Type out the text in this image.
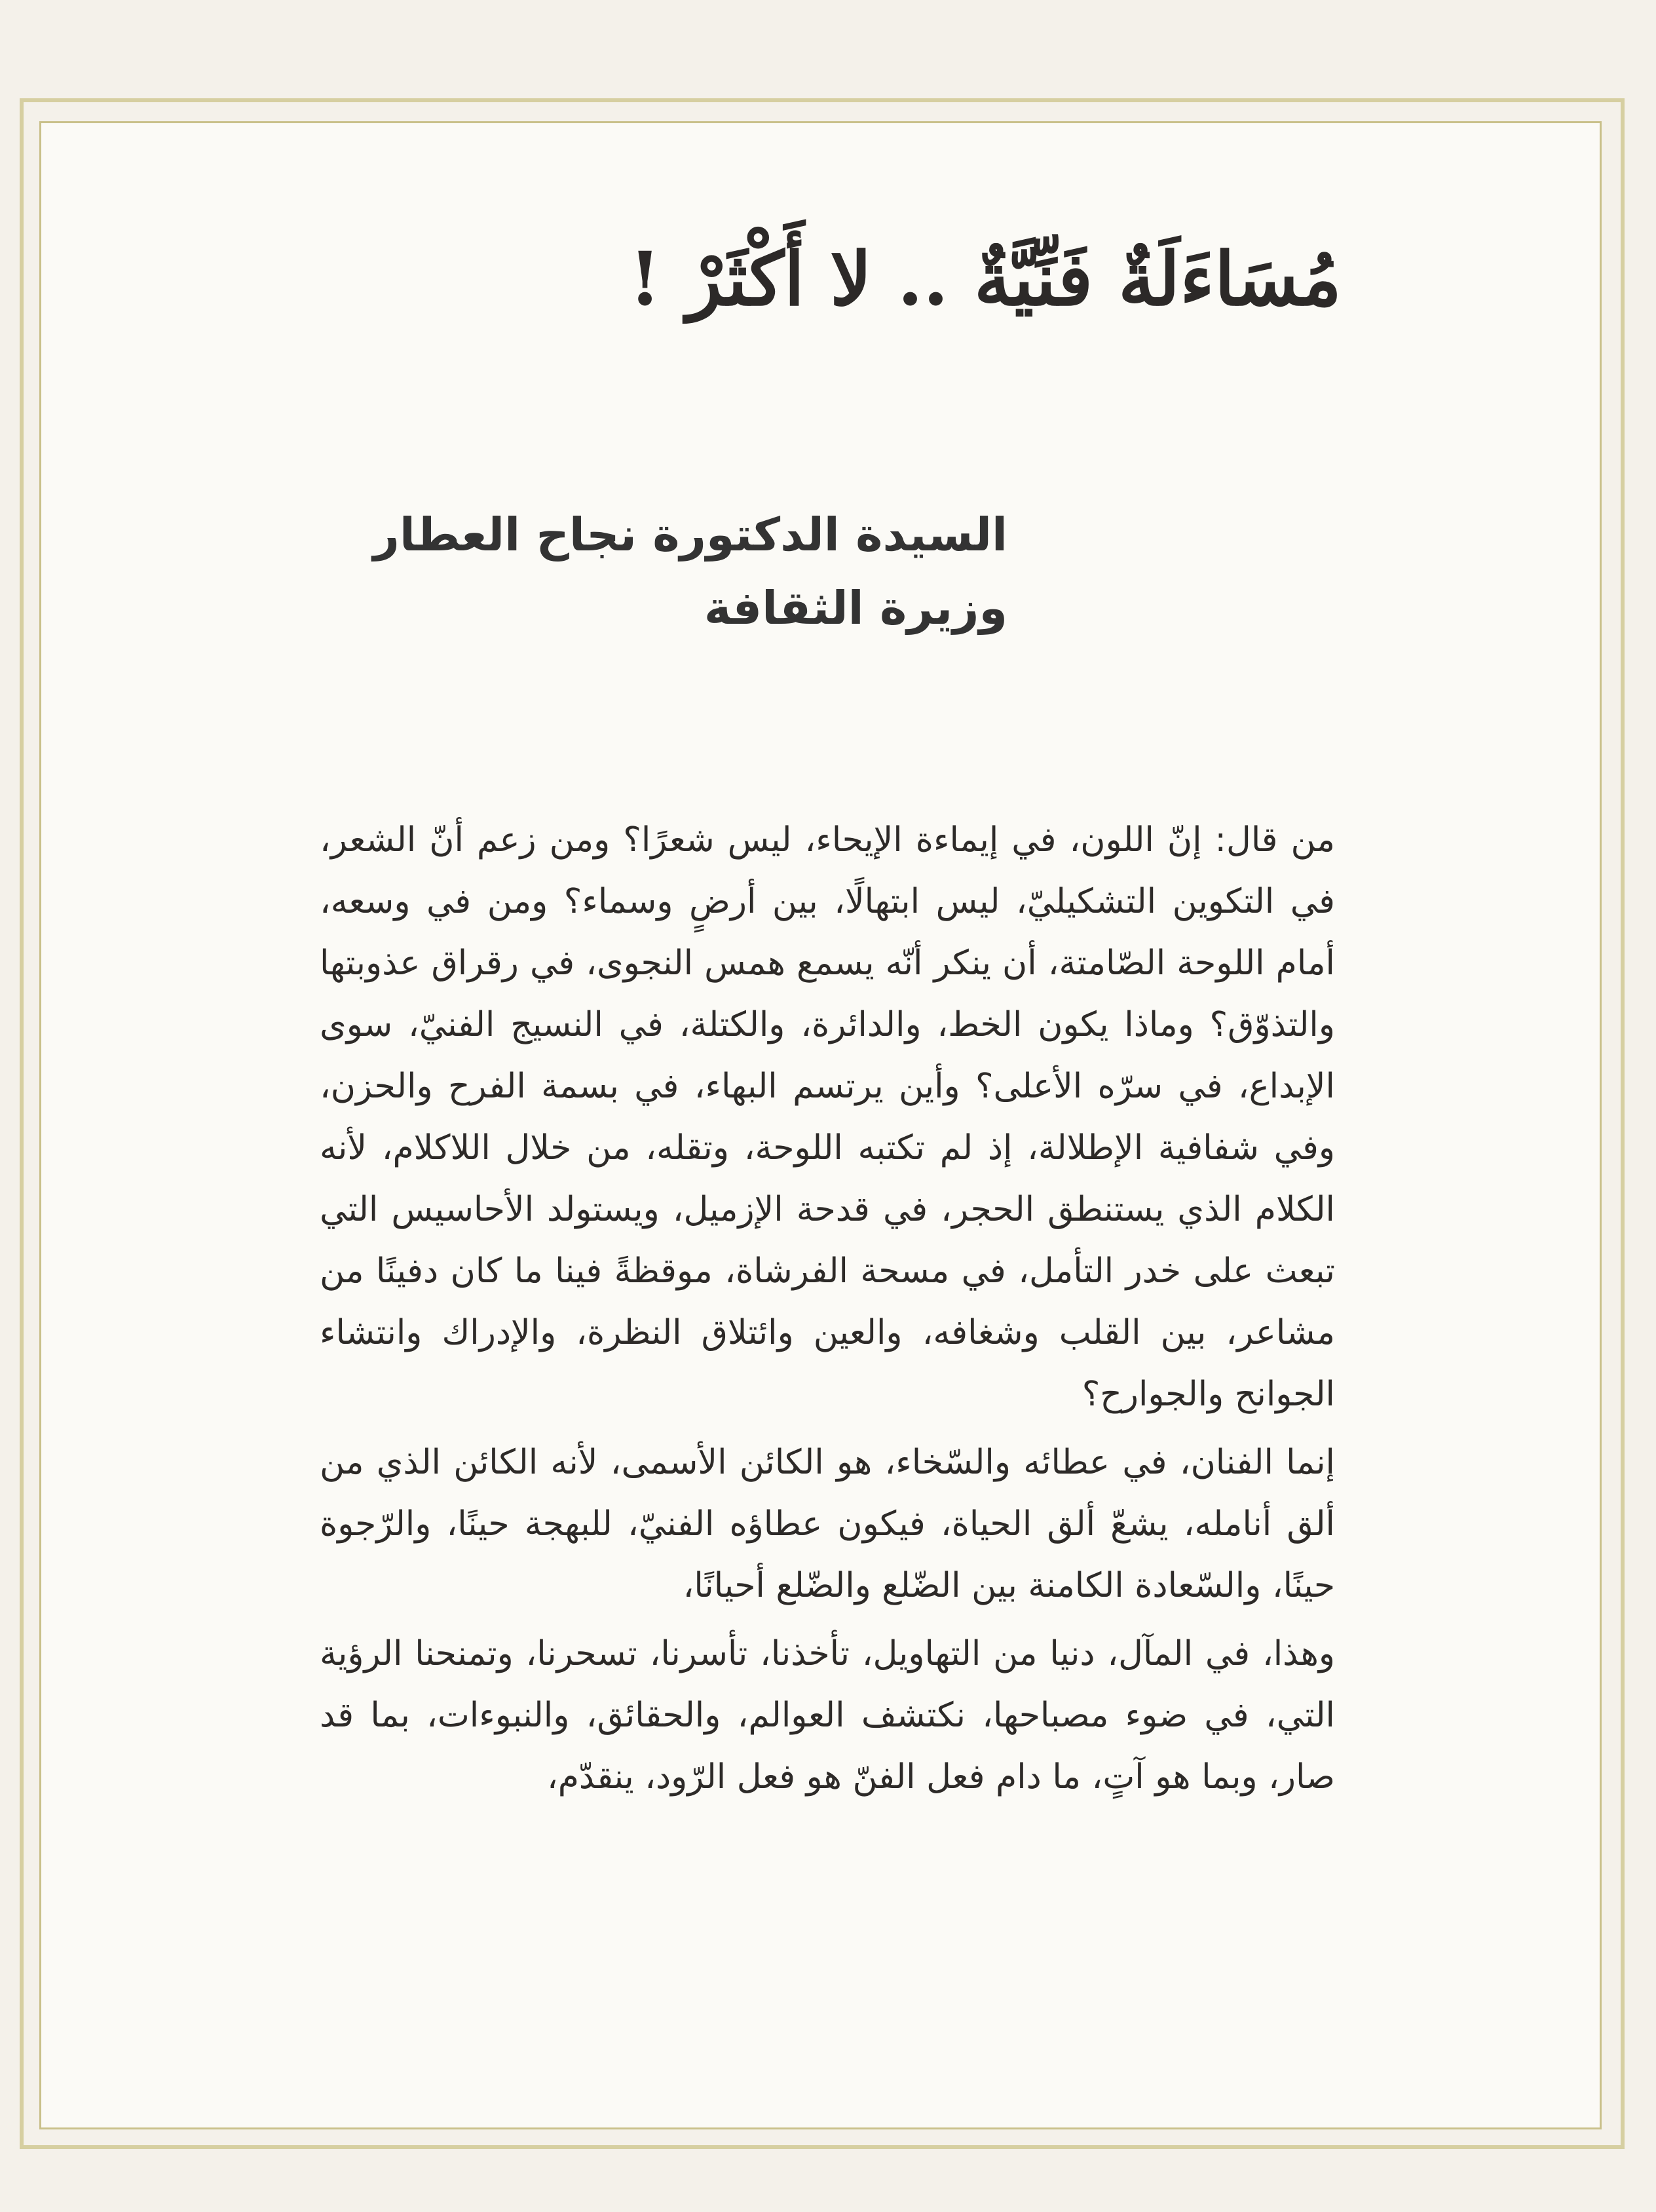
مُسَاءَلَةٌ فَنِّيَّةٌ .. لا أَكْثَرْ !
السيدة الدكتورة نجاح العطار
وزيرة الثقافة

من قال: إنّ اللون، في إيماءة الإيحاء، ليس شعرًا؟ ومن زعم أنّ الشعر، في التكوين التشكيليّ، ليس ابتهالًا، بين أرضٍ وسماء؟ ومن في وسعه، أمام اللوحة الصّامتة، أن ينكر أنّه يسمع همس النجوى، في رقراق عذوبتها والتذوّق؟ وماذا يكون الخط، والدائرة، والكتلة، في النسيج الفنيّ، سوى الإبداع، في سرّه الأعلى؟ وأين يرتسم البهاء، في بسمة الفرح والحزن، وفي شفافية الإطلالة، إذ لم تكتبه اللوحة، وتقله، من خلال اللاكلام، لأنه الكلام الذي يستنطق الحجر، في قدحة الإزميل، ويستولد الأحاسيس التي تبعث على خدر التأمل، في مسحة الفرشاة، موقظةً فينا ما كان دفينًا من مشاعر، بين القلب وشغافه، والعين وائتلاق النظرة، والإدراك وانتشاء الجوانح والجوارح؟

إنما الفنان، في عطائه والسّخاء، هو الكائن الأسمى، لأنه الكائن الذي من ألق أنامله، يشعّ ألق الحياة، فيكون عطاؤه الفنيّ، للبهجة حينًا، والرّجوة حينًا، والسّعادة الكامنة بين الضّلع والضّلع أحيانًا،

وهذا، في المآل، دنيا من التهاويل، تأخذنا، تأسرنا، تسحرنا، وتمنحنا الرؤية التي، في ضوء مصباحها، نكتشف العوالم، والحقائق، والنبوءات، بما قد صار، وبما هو آتٍ، ما دام فعل الفنّ هو فعل الرّود، ينقدّم،
